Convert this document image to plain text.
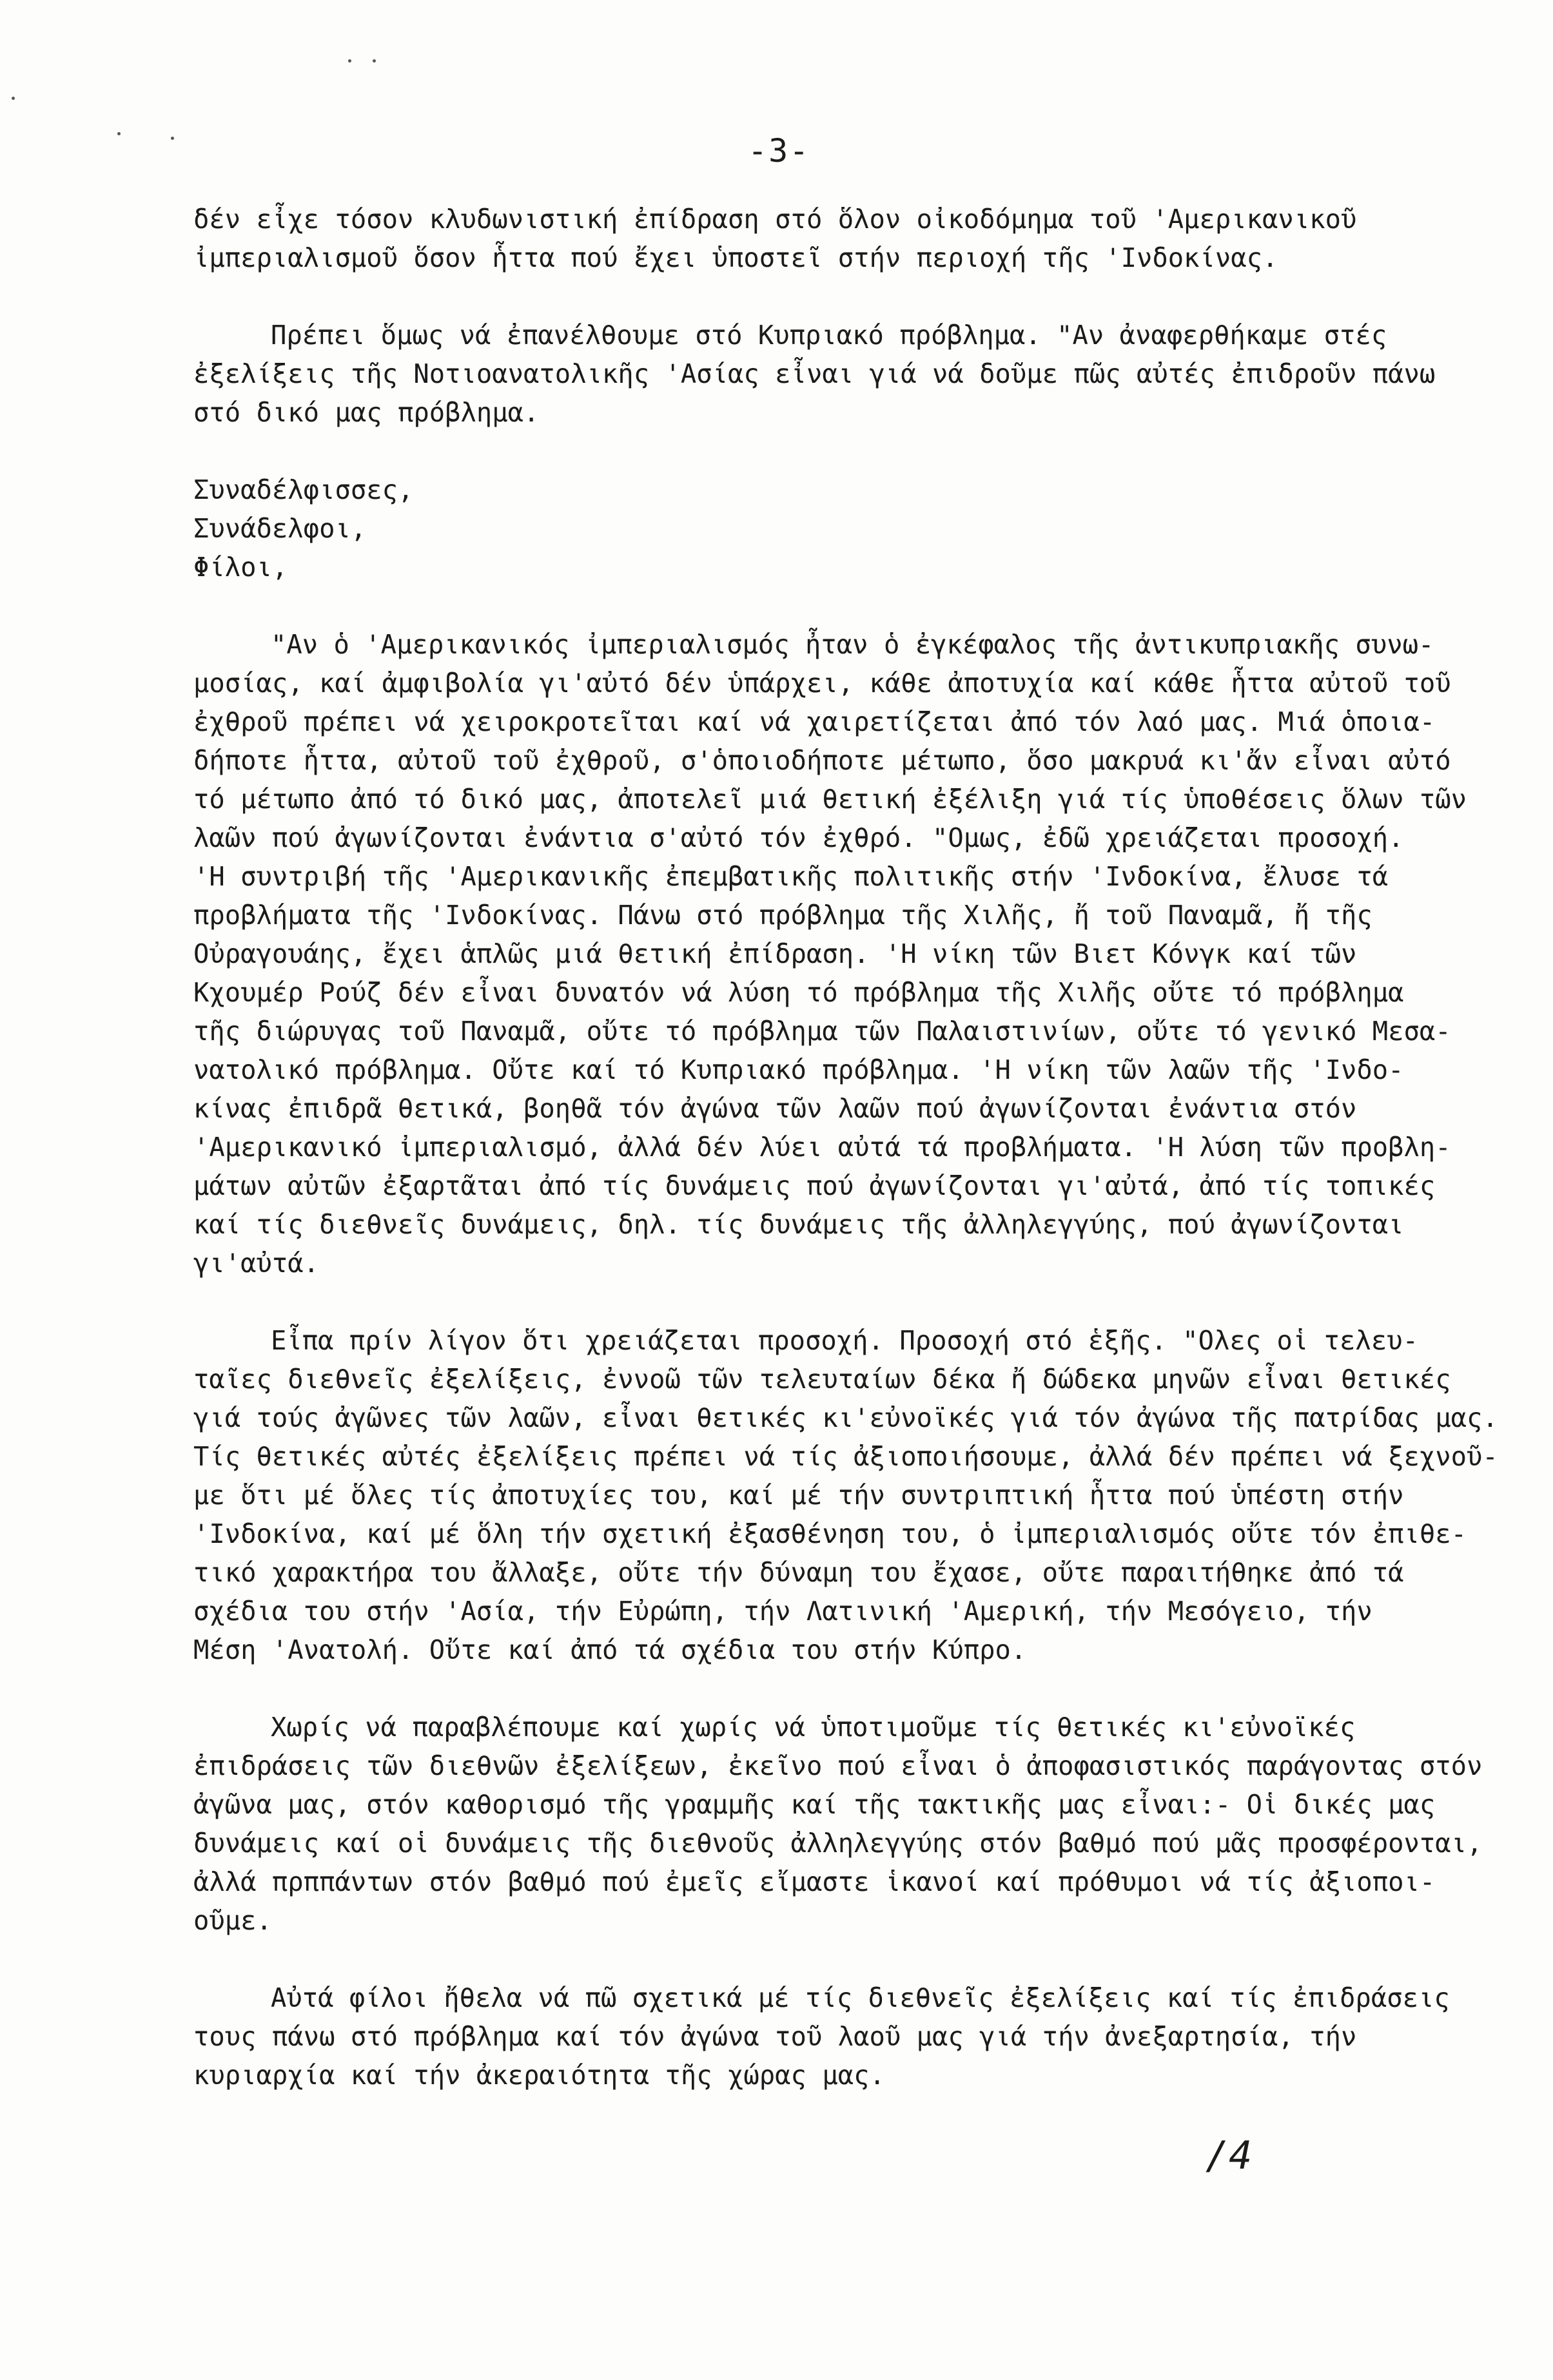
-3-
δέν εἶχε τόσον κλυδωνιστική ἐπίδραση στό ὅλον οἰκοδόμημα τοῦ 'Αμερικανικοῦ
ἰμπεριαλισμοῦ ὅσον ἧττα πού ἔχει ὑποστεῖ στήν περιοχή τῆς 'Ινδοκίνας.
Πρέπει ὅμως νά ἐπανέλθουμε στό Κυπριακό πρόβλημα. "Αν ἀναφερθήκαμε στές
ἐξελίξεις τῆς Νοτιοανατολικῆς 'Ασίας εἶναι γιά νά δοῦμε πῶς αὐτές ἐπιδροῦν πάνω
στό δικό μας πρόβλημα.
Συναδέλφισσες,
Συνάδελφοι,
Φίλοι,
"Αν ὁ 'Αμερικανικός ἰμπεριαλισμός ἦταν ὁ ἐγκέφαλος τῆς ἀντικυπριακῆς συνω-
μοσίας, καί ἀμφιβολία γι'αὐτό δέν ὑπάρχει, κάθε ἀποτυχία καί κάθε ἧττα αὐτοῦ τοῦ
ἐχθροῦ πρέπει νά χειροκροτεῖται καί νά χαιρετίζεται ἀπό τόν λαό μας. Μιά ὁποια-
δήποτε ἧττα, αὐτοῦ τοῦ ἐχθροῦ, σ'ὁποιοδήποτε μέτωπο, ὅσο μακρυά κι'ἄν εἶναι αὐτό
τό μέτωπο ἀπό τό δικό μας, ἀποτελεῖ μιά θετική ἐξέλιξη γιά τίς ὑποθέσεις ὅλων τῶν
λαῶν πού ἀγωνίζονται ἐνάντια σ'αὐτό τόν ἐχθρό. "Ομως, ἐδῶ χρειάζεται προσοχή.
'Η συντριβή τῆς 'Αμερικανικῆς ἐπεμβατικῆς πολιτικῆς στήν 'Ινδοκίνα, ἔλυσε τά
προβλήματα τῆς 'Ινδοκίνας. Πάνω στό πρόβλημα τῆς Χιλῆς, ἤ τοῦ Παναμᾶ, ἤ τῆς
Οὐραγουάης, ἔχει ἁπλῶς μιά θετική ἐπίδραση. 'Η νίκη τῶν Βιετ Κόνγκ καί τῶν
Κχουμέρ Ρούζ δέν εἶναι δυνατόν νά λύση τό πρόβλημα τῆς Χιλῆς οὔτε τό πρόβλημα
τῆς διώρυγας τοῦ Παναμᾶ, οὔτε τό πρόβλημα τῶν Παλαιστινίων, οὔτε τό γενικό Μεσα-
νατολικό πρόβλημα. Οὔτε καί τό Κυπριακό πρόβλημα. 'Η νίκη τῶν λαῶν τῆς 'Ινδο-
κίνας ἐπιδρᾶ θετικά, βοηθᾶ τόν ἀγώνα τῶν λαῶν πού ἀγωνίζονται ἐνάντια στόν
'Αμερικανικό ἰμπεριαλισμό, ἀλλά δέν λύει αὐτά τά προβλήματα. 'Η λύση τῶν προβλη-
μάτων αὐτῶν ἐξαρτᾶται ἀπό τίς δυνάμεις πού ἀγωνίζονται γι'αὐτά, ἀπό τίς τοπικές
καί τίς διεθνεῖς δυνάμεις, δηλ. τίς δυνάμεις τῆς ἀλληλεγγύης, πού ἀγωνίζονται
γι'αὐτά.
Εἶπα πρίν λίγον ὅτι χρειάζεται προσοχή. Προσοχή στό ἑξῆς. "Ολες οἱ τελευ-
ταῖες διεθνεῖς ἐξελίξεις, ἐννοῶ τῶν τελευταίων δέκα ἤ δώδεκα μηνῶν εἶναι θετικές
γιά τούς ἀγῶνες τῶν λαῶν, εἶναι θετικές κι'εὐνοϊκές γιά τόν ἀγώνα τῆς πατρίδας μας.
Τίς θετικές αὐτές ἐξελίξεις πρέπει νά τίς ἀξιοποιήσουμε, ἀλλά δέν πρέπει νά ξεχνοῦ-
με ὅτι μέ ὅλες τίς ἀποτυχίες του, καί μέ τήν συντριπτική ἧττα πού ὑπέστη στήν
'Ινδοκίνα, καί μέ ὅλη τήν σχετική ἐξασθένηση του, ὁ ἰμπεριαλισμός οὔτε τόν ἐπιθε-
τικό χαρακτήρα του ἄλλαξε, οὔτε τήν δύναμη του ἔχασε, οὔτε παραιτήθηκε ἀπό τά
σχέδια του στήν 'Ασία, τήν Εὐρώπη, τήν Λατινική 'Αμερική, τήν Μεσόγειο, τήν
Μέση 'Ανατολή. Οὔτε καί ἀπό τά σχέδια του στήν Κύπρο.
Χωρίς νά παραβλέπουμε καί χωρίς νά ὑποτιμοῦμε τίς θετικές κι'εὐνοϊκές
ἐπιδράσεις τῶν διεθνῶν ἐξελίξεων, ἐκεῖνο πού εἶναι ὁ ἀποφασιστικός παράγοντας στόν
ἀγῶνα μας, στόν καθορισμό τῆς γραμμῆς καί τῆς τακτικῆς μας εἶναι:- Οἱ δικές μας
δυνάμεις καί οἱ δυνάμεις τῆς διεθνοῦς ἀλληλεγγύης στόν βαθμό πού μᾶς προσφέρονται,
ἀλλά πρππάντων στόν βαθμό πού ἐμεῖς εἴμαστε ἱκανοί καί πρόθυμοι νά τίς ἀξιοποι-
οῦμε.
Αὐτά φίλοι ἤθελα νά πῶ σχετικά μέ τίς διεθνεῖς ἐξελίξεις καί τίς ἐπιδράσεις
τους πάνω στό πρόβλημα καί τόν ἀγώνα τοῦ λαοῦ μας γιά τήν ἀνεξαρτησία, τήν
κυριαρχία καί τήν ἀκεραιότητα τῆς χώρας μας.
/4
